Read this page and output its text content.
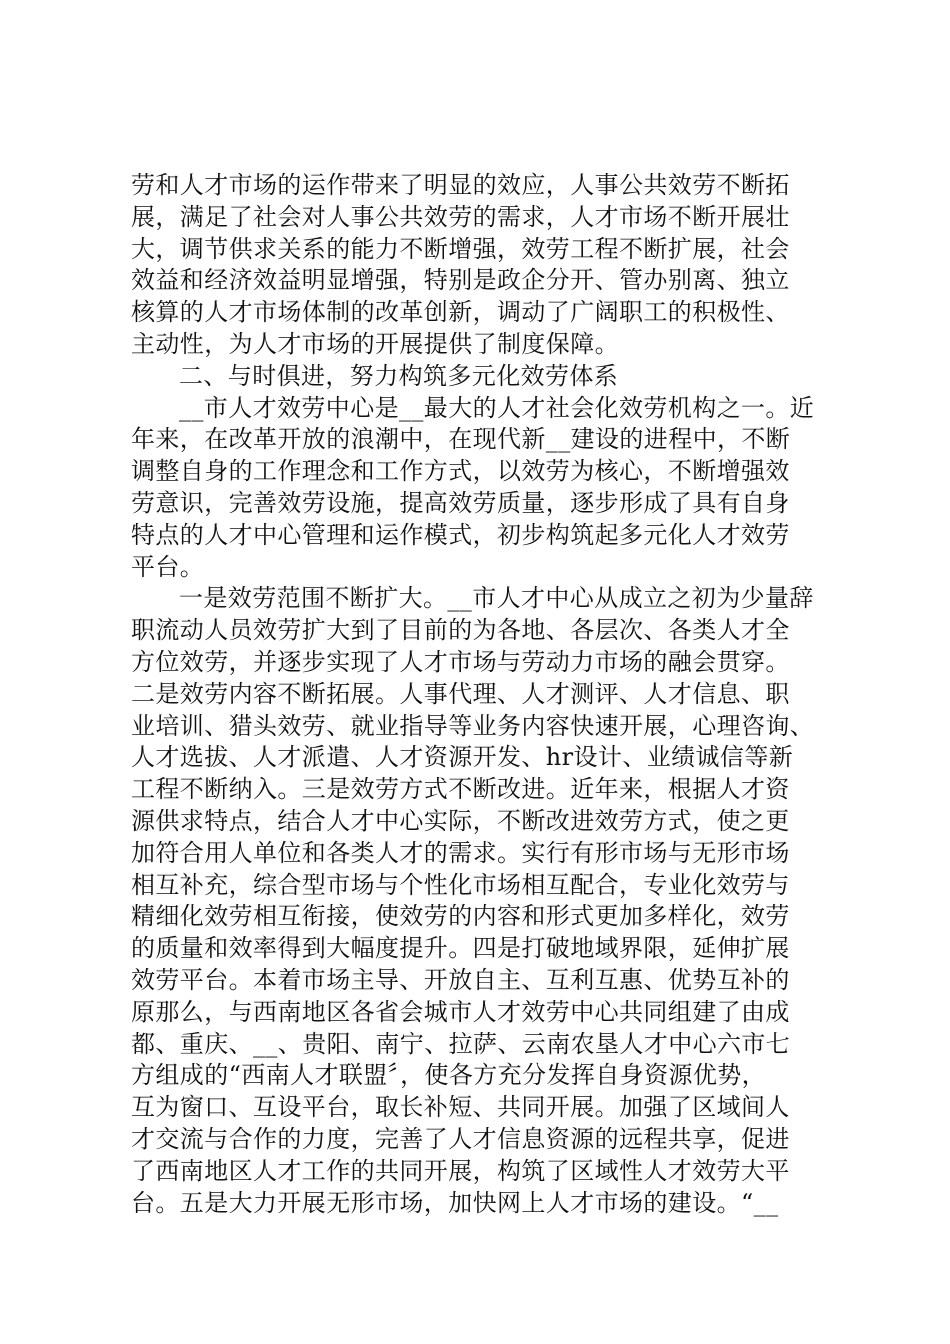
劳和人才市场的运作带来了明显的效应，人事公共效劳不断拓
展，满足了社会对人事公共效劳的需求，人才市场不断开展壮
大，调节供求关系的能力不断增强，效劳工程不断扩展，社会
效益和经济效益明显增强，特别是政企分开、管办别离、独立
核算的人才市场体制的改革创新，调动了广阔职工的积极性、
主动性，为人才市场的开展提供了制度保障。
二、与时俱进，努力构筑多元化效劳体系
__市人才效劳中心是__最大的人才社会化效劳机构之一。近
年来，在改革开放的浪潮中，在现代新__建设的进程中，不断
调整自身的工作理念和工作方式，以效劳为核心，不断增强效
劳意识，完善效劳设施，提高效劳质量，逐步形成了具有自身
特点的人才中心管理和运作模式，初步构筑起多元化人才效劳
平台。
一是效劳范围不断扩大。__市人才中心从成立之初为少量辞
职流动人员效劳扩大到了目前的为各地、各层次、各类人才全
方位效劳，并逐步实现了人才市场与劳动力市场的融会贯穿。
二是效劳内容不断拓展。人事代理、人才测评、人才信息、职
业培训、猎头效劳、就业指导等业务内容快速开展，心理咨询、
人才选拔、人才派遣、人才资源开发、hr设计、业绩诚信等新
工程不断纳入。三是效劳方式不断改进。近年来，根据人才资
源供求特点，结合人才中心实际，不断改进效劳方式，使之更
加符合用人单位和各类人才的需求。实行有形市场与无形市场
相互补充，综合型市场与个性化市场相互配合，专业化效劳与
精细化效劳相互衔接，使效劳的内容和形式更加多样化，效劳
的质量和效率得到大幅度提升。四是打破地域界限，延伸扩展
效劳平台。本着市场主导、开放自主、互利互惠、优势互补的
原那么，与西南地区各省会城市人才效劳中心共同组建了由成
都、重庆、__、贵阳、南宁、拉萨、云南农垦人才中心六市七
方组成的“西南人才联盟〞，使各方充分发挥自身资源优势，
互为窗口、互设平台，取长补短、共同开展。加强了区域间人
才交流与合作的力度，完善了人才信息资源的远程共享，促进
了西南地区人才工作的共同开展，构筑了区域性人才效劳大平
台。五是大力开展无形市场，加快网上人才市场的建设。“__
